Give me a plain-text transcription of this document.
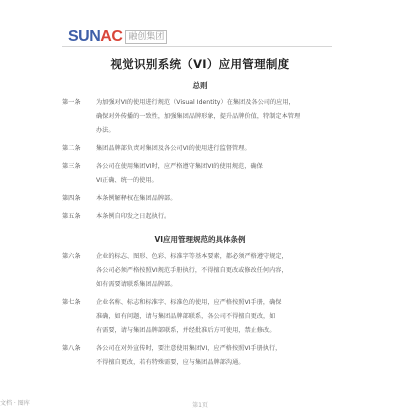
SUNAC 融创集团
视觉识别系统（VI）应用管理制度
总则
第一条	为加强对VI的使用进行规范（Visual Identity）在集团及各公司的应用，
确保对外传播的一致性，加强集团品牌形象，提升品牌价值，特制定本管理
办法。
第二条	集团品牌部负责对集团及各公司VI的使用进行监督管理。
第三条	各公司在使用集团VI时，应严格遵守集团VI的使用规范，确保
VI正确、统一的使用。
第四条	本条例解释权在集团品牌部。
第五条	本条例自印发之日起执行。
VI应用管理规范的具体条例
第六条	企业的标志、图形、色彩、标准字等基本要素，都必须严格遵守规定，
各公司必须严格按照VI规范手册执行，不得擅自更改或修改任何内容，
如有需要请联系集团品牌部。
第七条	企业名称、标志和标准字、标准色的使用，应严格按照VI手册，确保
准确，如有问题，请与集团品牌部联系，各公司不得擅自更改，如
有需要，请与集团品牌部联系，并经批准后方可使用，禁止修改。
第八条	各公司在对外宣传时，要注意使用集团VI，应严格按照VI手册执行，
不得擅自更改，若有特殊需要，应与集团品牌部沟通。
文档 · 图库	第1页
